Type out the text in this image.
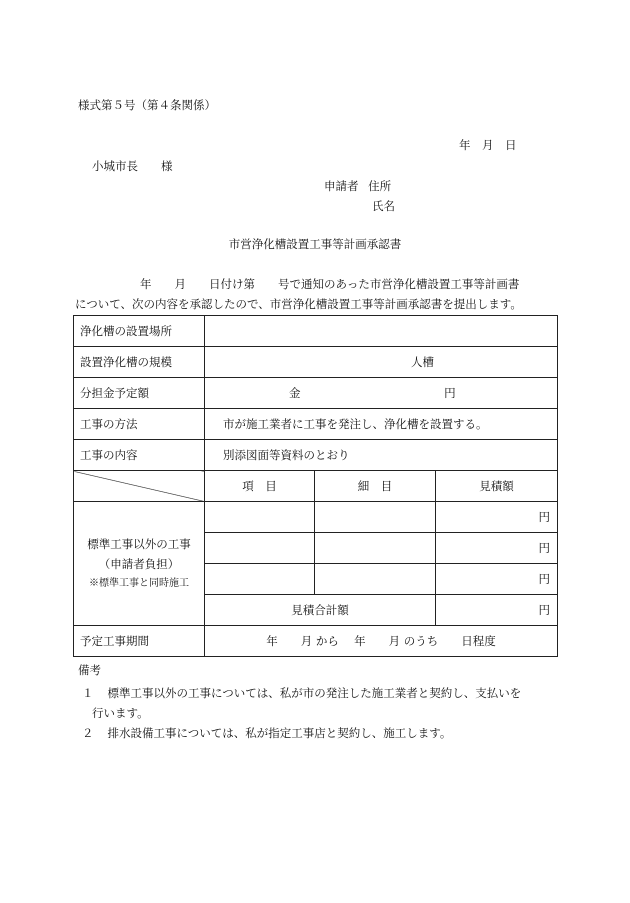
様式第５号（第４条関係）
年　月　日
小城市長　　様
申請者 住所
氏名
市営浄化槽設置工事等計画承認書
年　　月　　日付け第　　号で通知のあった市営浄化槽設置工事等計画書
について、次の内容を承認したので、市営浄化槽設置工事等計画承認書を提出します。
浄化槽の設置場所			
設置浄化槽の規模	人槽		
分担金予定額	金 円		
工事の方法	市が施工業者に工事を発注し、浄化槽を設置する。		
工事の内容	別添図面等資料のとおり		
	項　目	細　目	見積額

標準工事以外の工事
（申請者負担）
※標準工事と同時施工			円
			円
			円
	見積合計額		円
予定工事期間	年　　月 から　 年　　月 のうち　　日程度		
備考
１ 標準工事以外の工事については、私が市の発注した施工業者と契約し、支払いを
行います。
２ 排水設備工事については、私が指定工事店と契約し、施工します。
